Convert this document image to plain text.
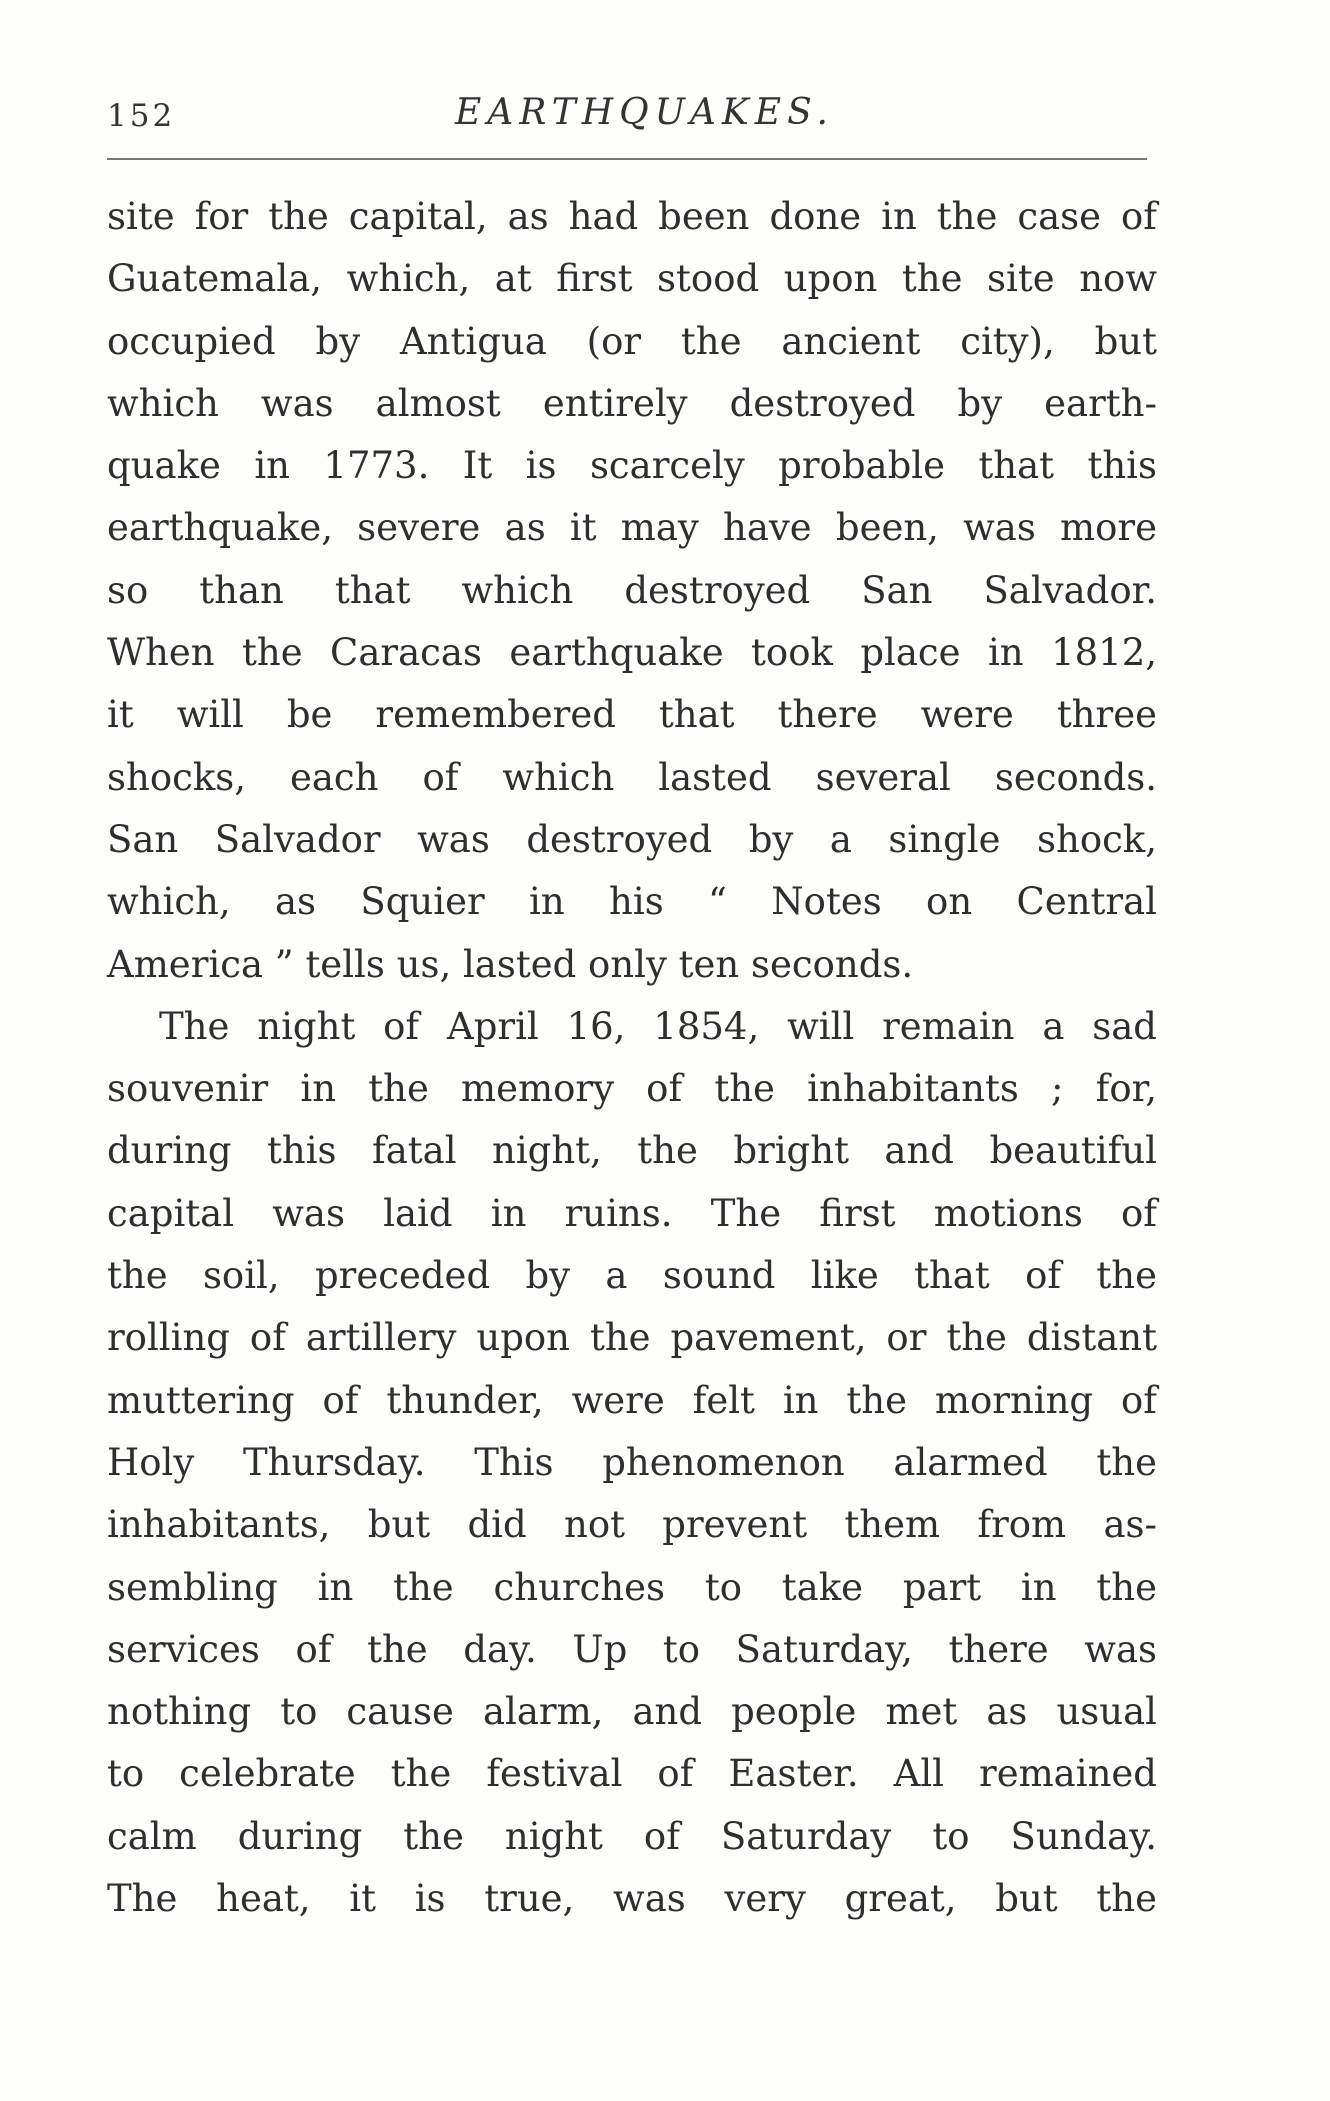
152	EARTHQUAKES.
site for the capital, as had been done in the case of
Guatemala, which, at first stood upon the site now
occupied by Antigua (or the ancient city), but
which was almost entirely destroyed by earth-
quake in 1773. It is scarcely probable that this
earthquake, severe as it may have been, was more
so than that which destroyed San Salvador.
When the Caracas earthquake took place in 1812,
it will be remembered that there were three
shocks, each of which lasted several seconds.
San Salvador was destroyed by a single shock,
which, as Squier in his “ Notes on Central
America ” tells us, lasted only ten seconds.
The night of April 16, 1854, will remain a sad
souvenir in the memory of the inhabitants ; for,
during this fatal night, the bright and beautiful
capital was laid in ruins. The first motions of
the soil, preceded by a sound like that of the
rolling of artillery upon the pavement, or the distant
muttering of thunder, were felt in the morning of
Holy Thursday. This phenomenon alarmed the
inhabitants, but did not prevent them from as-
sembling in the churches to take part in the
services of the day. Up to Saturday, there was
nothing to cause alarm, and people met as usual
to celebrate the festival of Easter. All remained
calm during the night of Saturday to Sunday.
The heat, it is true, was very great, but the
